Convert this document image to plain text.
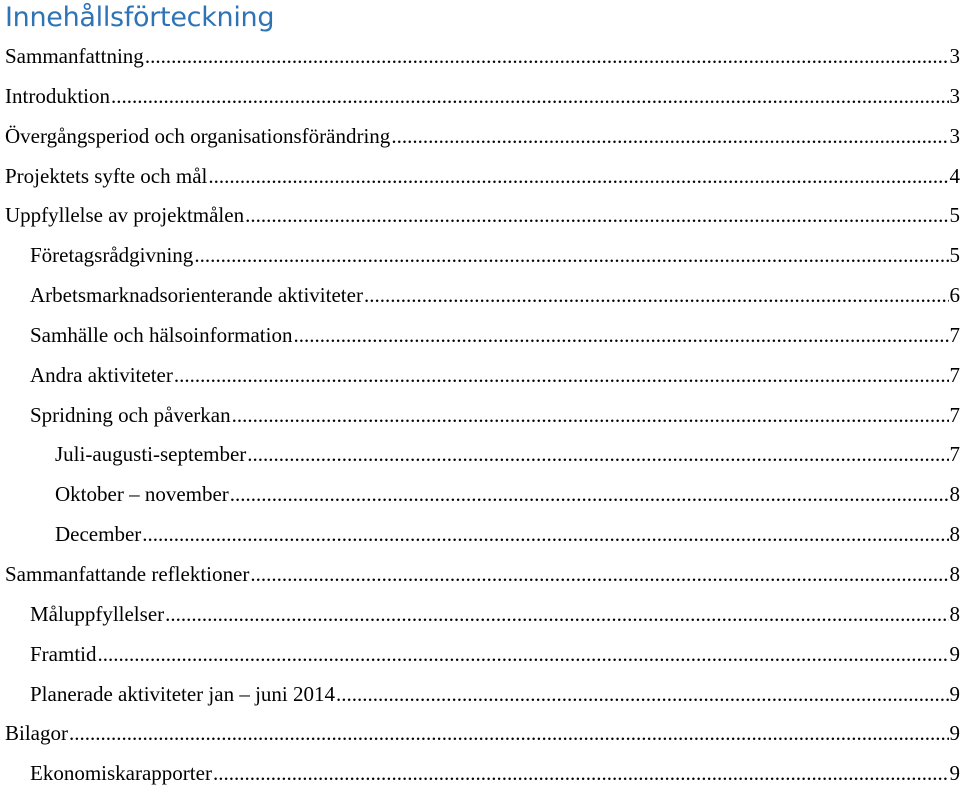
Innehållsförteckning
Sammanfattning .....	3
Introduktion .....	3
Övergångsperiod och organisationsförändring .....	3
Projektets syfte och mål .....	4
Uppfyllelse av projektmålen .....	5
Företagsrådgivning .....	5
Arbetsmarknadsorienterande aktiviteter .....	6
Samhälle och hälsoinformation .....	7
Andra aktiviteter .....	7
Spridning och påverkan .....	7
Juli-augusti-september .....	7
Oktober – november .....	8
December .....	8
Sammanfattande reflektioner .....	8
Måluppfyllelser .....	8
Framtid .....	9
Planerade aktiviteter jan – juni 2014 .....	9
Bilagor .....	9
Ekonomiskarapporter .....	9
